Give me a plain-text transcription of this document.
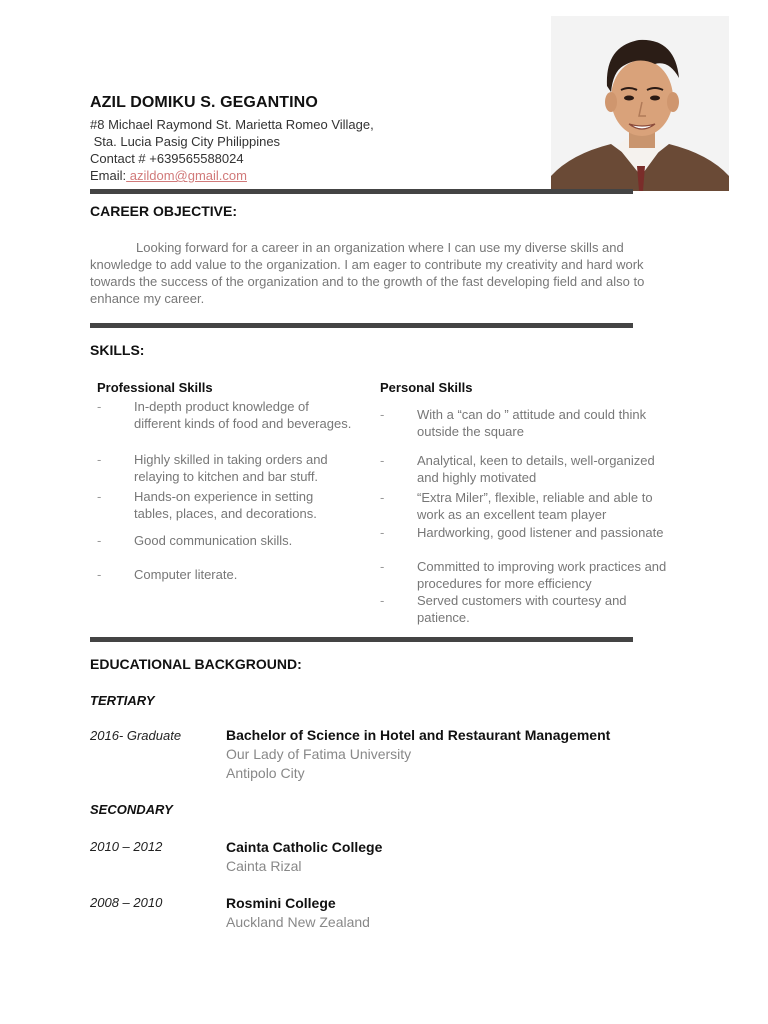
AZIL DOMIKU S. GEGANTINO
#8 Michael Raymond St. Marietta Romeo Village,
Sta. Lucia Pasig City Philippines
Contact # +639565588024
Email: azildom@gmail.com
CAREER OBJECTIVE:
Looking forward for a career in an organization where I can use my diverse skills and knowledge to add value to the organization. I am eager to contribute my creativity and hard work towards the success of the organization and to the growth of the fast developing field and also to enhance my career.
SKILLS:
Professional Skills
-	In-depth product knowledge of different kinds of food and beverages.
-	Highly skilled in taking orders and relaying to kitchen and bar stuff.
-	Hands-on experience in setting tables, places, and decorations.
-	Good communication skills.
-	Computer literate.
Personal Skills
-	With a “can do ” attitude and could think outside the square
-	Analytical, keen to details, well-organized and highly motivated
-	“Extra Miler”, flexible, reliable and able to work as an excellent team player
-	Hardworking, good listener and passionate
-	Committed to improving work practices and procedures for more efficiency
-	Served customers with courtesy and patience.
EDUCATIONAL BACKGROUND:
TERTIARY
2016- Graduate	Bachelor of Science in Hotel and Restaurant Management
Our Lady of Fatima University
Antipolo City
SECONDARY
2010 – 2012	Cainta Catholic College
Cainta Rizal
2008 – 2010	Rosmini College
Auckland New Zealand
